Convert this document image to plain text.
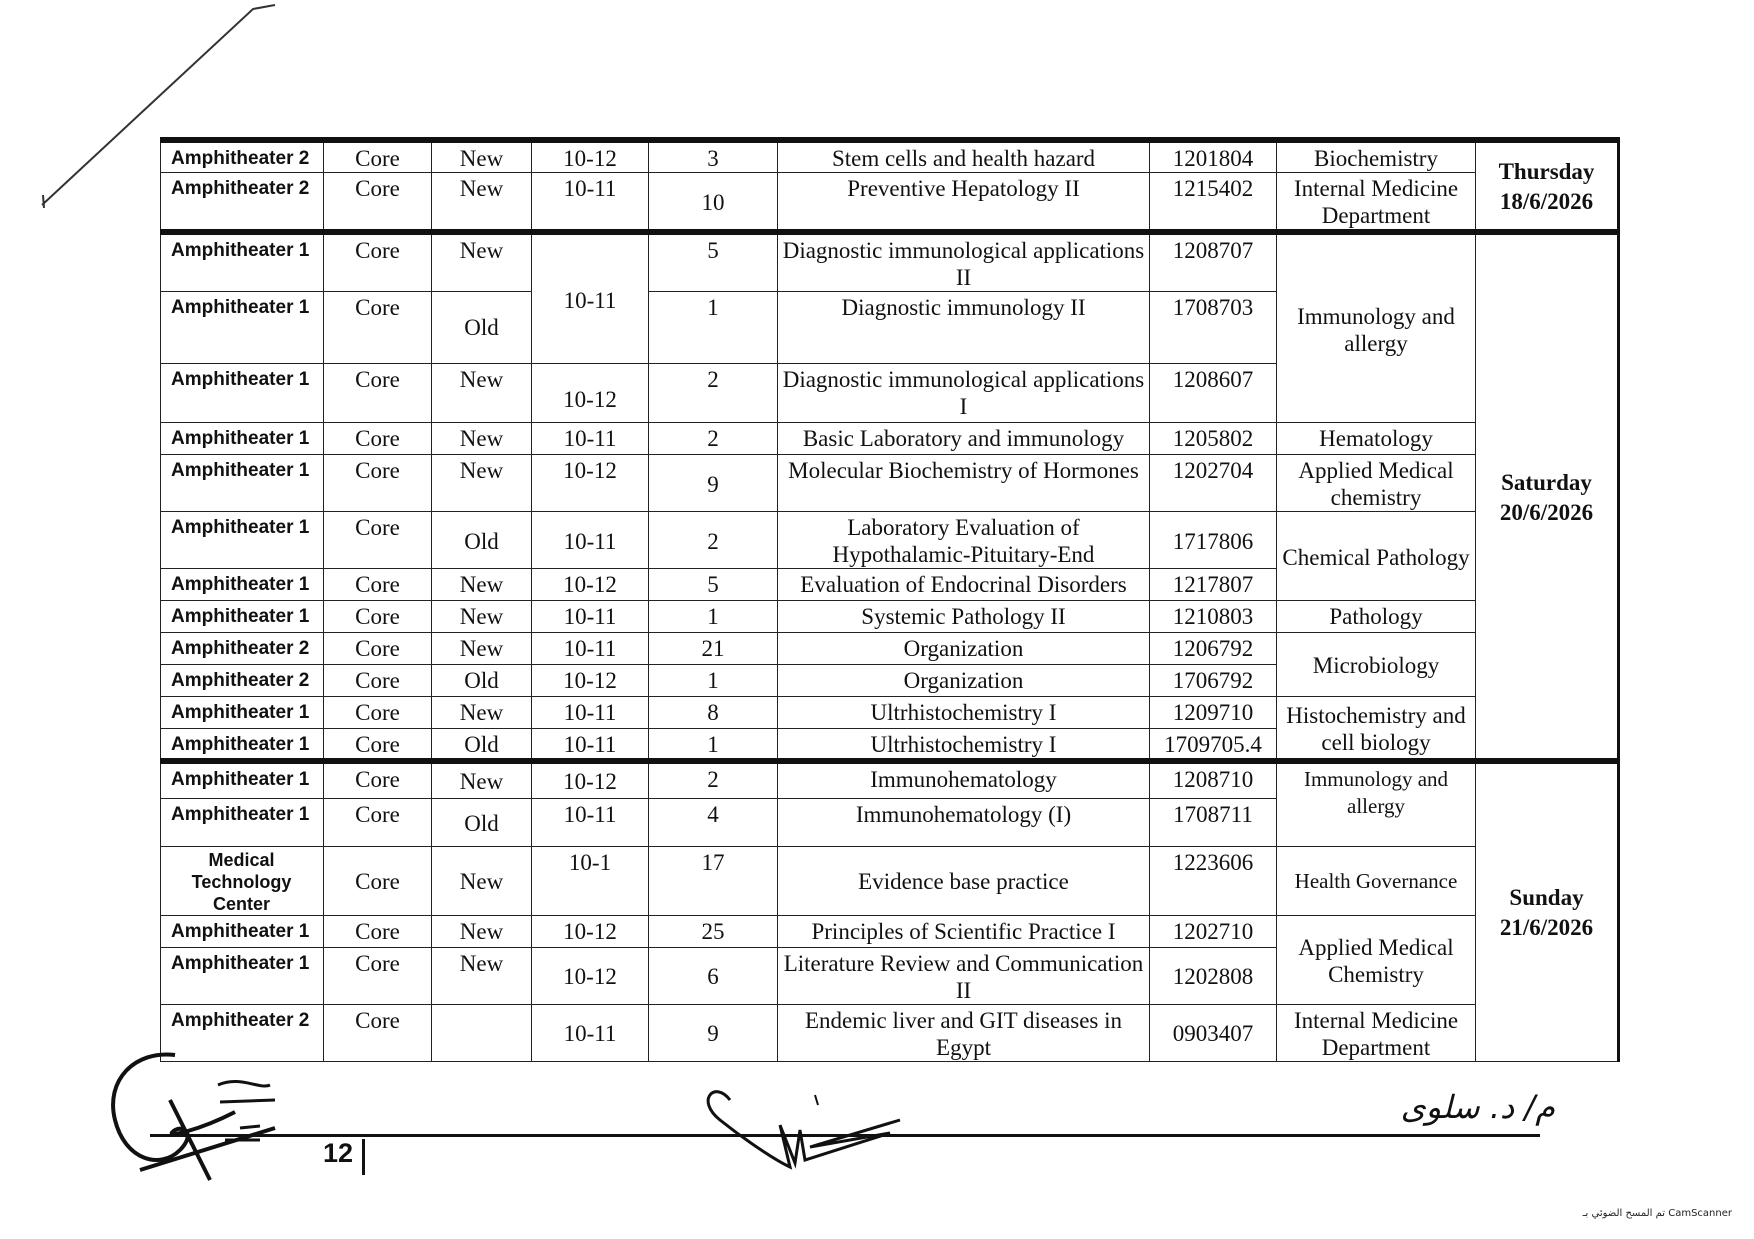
Amphitheater 2	Core	New	10-12	3	Stem cells and health hazard	1201804	Biochemistry	Thursday
18/6/2026

Amphitheater 2	Core	New	10-11	10	Preventive Hepatology II	1215402	Internal Medicine Department	
Amphitheater 1	Core	New	10-11	5	Diagnostic immunological applications II	1208707	Immunology and allergy	Saturday
20/6/2026

Amphitheater 1	Core	Old		1	Diagnostic immunology II	1708703		
Amphitheater 1	Core	New	10-12	2	Diagnostic immunological applications I	1208607		
Amphitheater 1	Core	New	10-11	2	Basic Laboratory and immunology	1205802	Hematology	
Amphitheater 1	Core	New	10-12	9	Molecular Biochemistry of Hormones	1202704	Applied Medical chemistry	
Amphitheater 1	Core	Old	10-11	2	Laboratory Evaluation of Hypothalamic-Pituitary-End	1717806	Chemical Pathology	
Amphitheater 1	Core	New	10-12	5	Evaluation of Endocrinal Disorders	1217807		
Amphitheater 1	Core	New	10-11	1	Systemic Pathology II	1210803	Pathology	
Amphitheater 2	Core	New	10-11	21	Organization	1206792	Microbiology	
Amphitheater 2	Core	Old	10-12	1	Organization	1706792		
Amphitheater 1	Core	New	10-11	8	Ultrhistochemistry I	1209710	Histochemistry and cell biology	
Amphitheater 1	Core	Old	10-11	1	Ultrhistochemistry I	1709705.4		
Amphitheater 1	Core	New	10-12	2	Immunohematology	1208710	Immunology and allergy	Sunday
21/6/2026

Amphitheater 1	Core	Old	10-11	4	Immunohematology (I)	1708711		
Medical Technology Center	Core	New	10-1	17	Evidence base practice	1223606	Health Governance	
Amphitheater 1	Core	New	10-12	25	Principles of Scientific Practice I	1202710	Applied Medical Chemistry	
Amphitheater 1	Core	New	10-12	6	Literature Review and Communication II	1202808		
Amphitheater 2	Core		10-11	9	Endemic liver and GIT diseases in Egypt	0903407	Internal Medicine Department	
م/ د. سلوى
12
تم المسح الضوئي بـ CamScanner
